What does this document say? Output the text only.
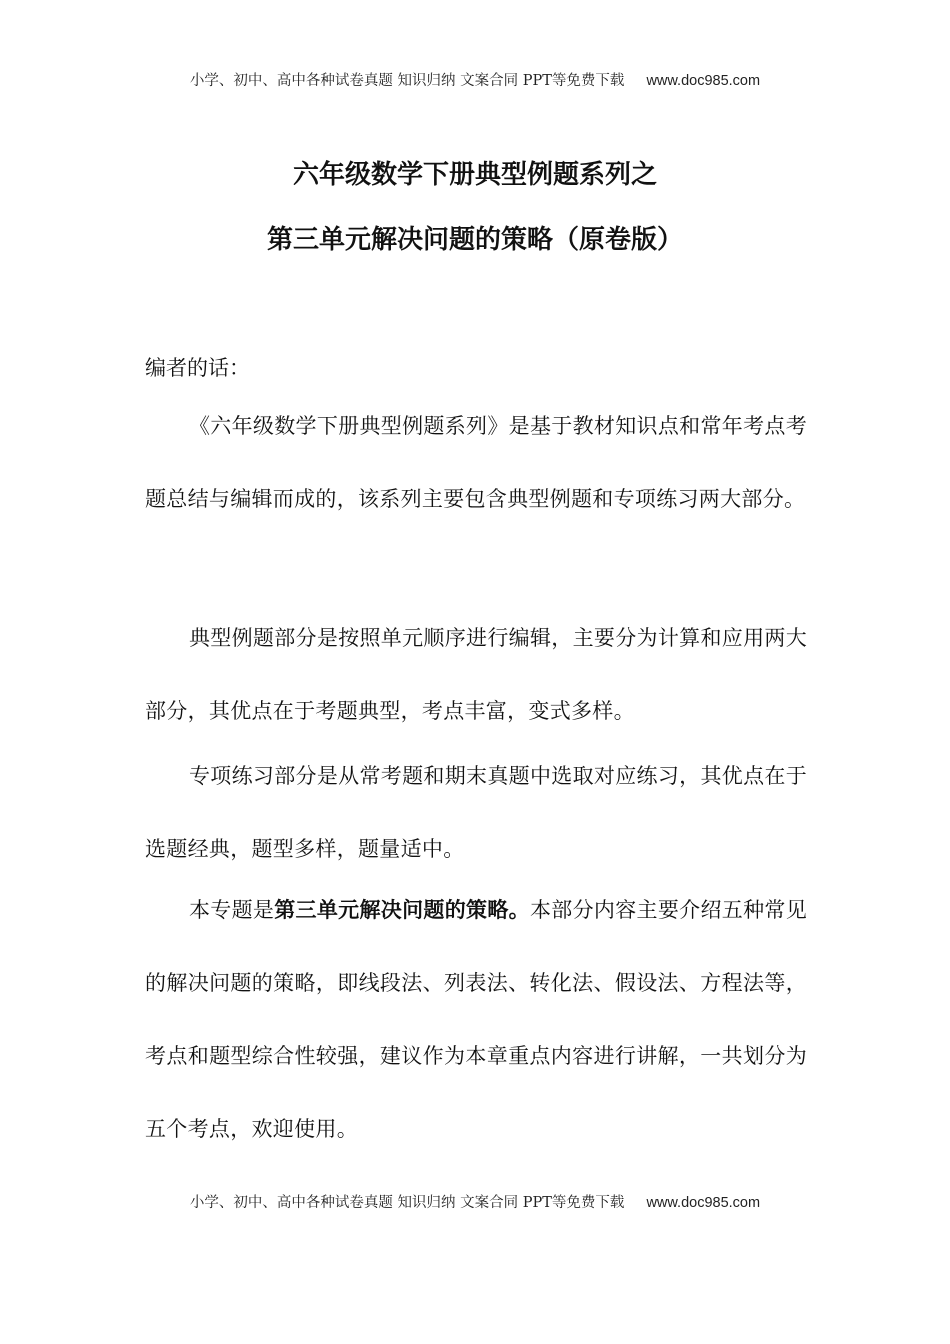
小学、初中、高中各种试卷真题 知识归纳 文案合同 PPT等免费下载 www.doc985.com
六年级数学下册典型例题系列之
第三单元解决问题的策略（原卷版）
编者的话：
《六年级数学下册典型例题系列》是基于教材知识点和常年考点考题总结与编辑而成的，该系列主要包含典型例题和专项练习两大部分。
典型例题部分是按照单元顺序进行编辑，主要分为计算和应用两大部分，其优点在于考题典型，考点丰富，变式多样。
专项练习部分是从常考题和期末真题中选取对应练习，其优点在于选题经典，题型多样，题量适中。
本专题是第三单元解决问题的策略。本部分内容主要介绍五种常见的解决问题的策略，即线段法、列表法、转化法、假设法、方程法等，考点和题型综合性较强，建议作为本章重点内容进行讲解，一共划分为五个考点，欢迎使用。
小学、初中、高中各种试卷真题 知识归纳 文案合同 PPT等免费下载 www.doc985.com
